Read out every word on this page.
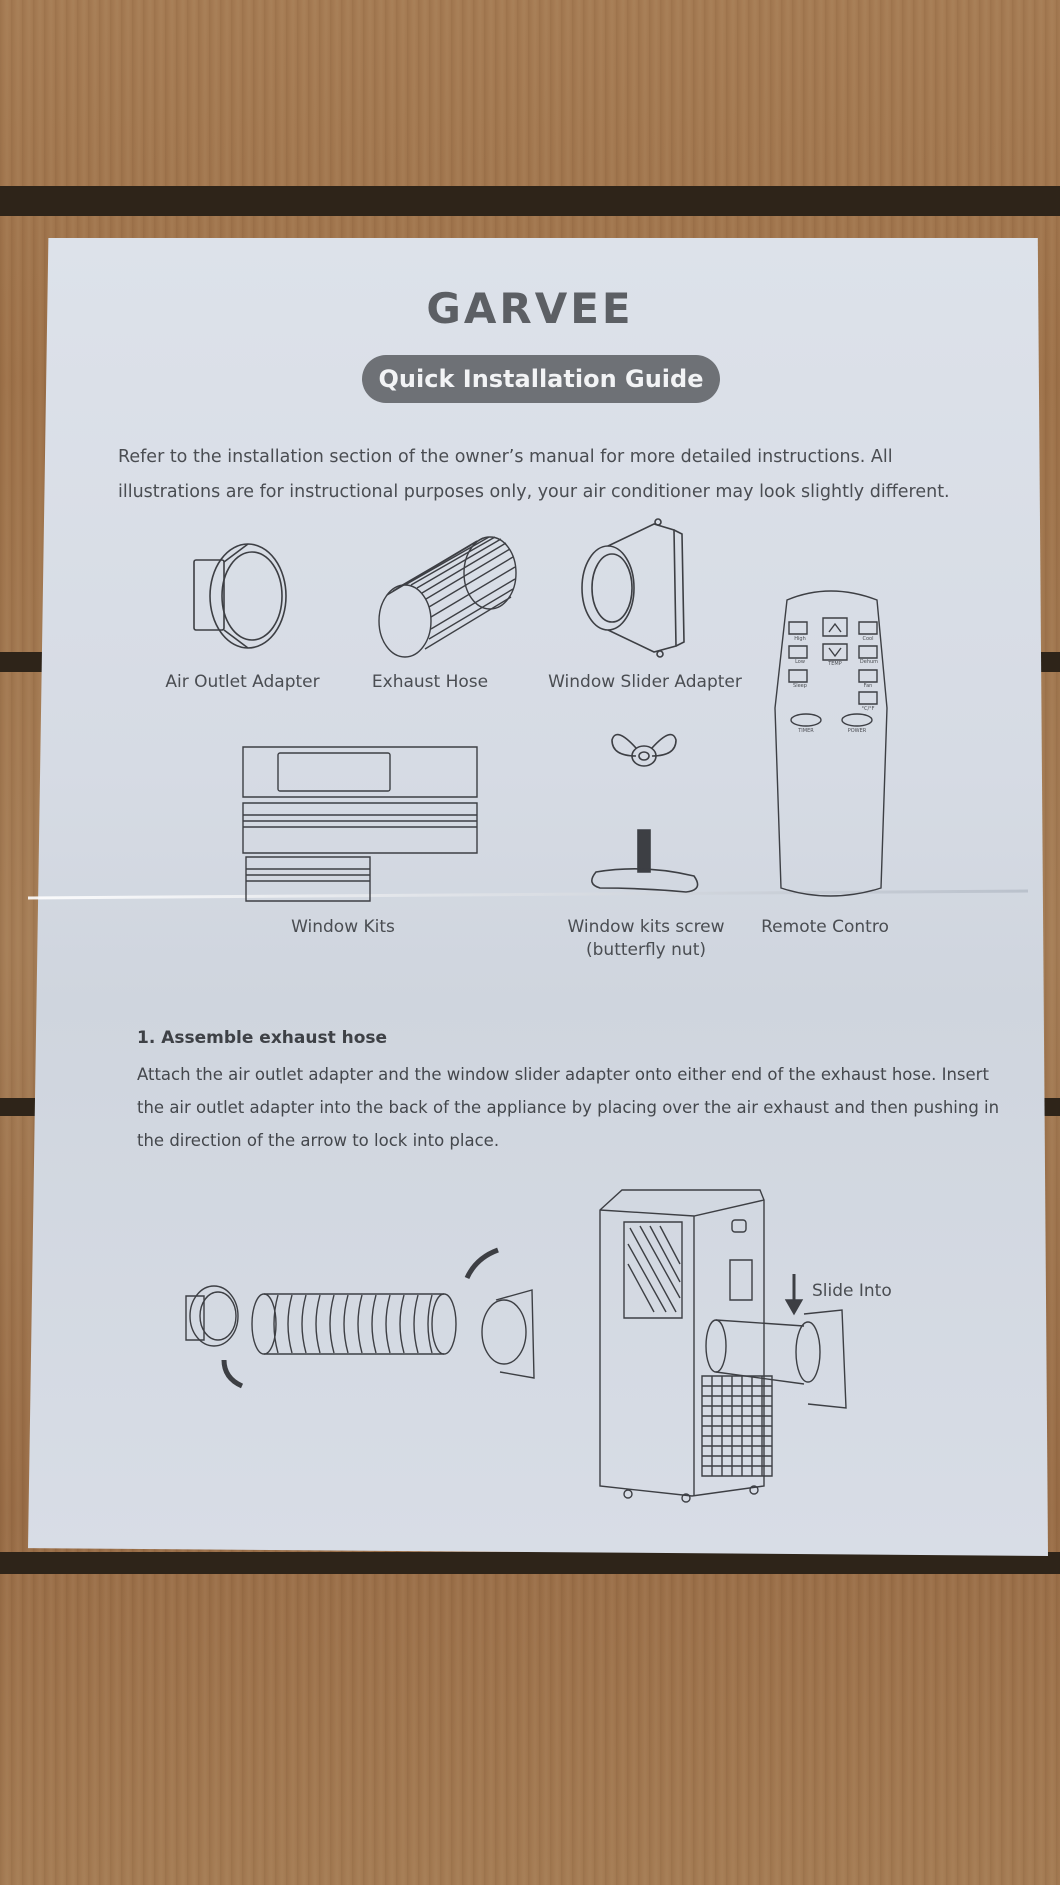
GARVEE
Quick Installation Guide
Refer to the installation section of the owner’s manual for more detailed instructions. All illustrations are for instructional purposes only, your air conditioner may look slightly different.
Air Outlet Adapter	Exhaust Hose	Window Slider Adapter
High	Cool
Low	TEMP	Dehum
Sleep	Fan
°C/°F
TIMER	POWER
Window Kits	Window kits screw
(butterfly nut)
Remote Contro
1. Assemble exhaust hose
Attach the air outlet adapter and the window slider adapter onto either end of the exhaust hose. Insert the air outlet adapter into the back of the appliance by placing over the air exhaust and then pushing in the direction of the arrow to lock into place.
Slide Into
